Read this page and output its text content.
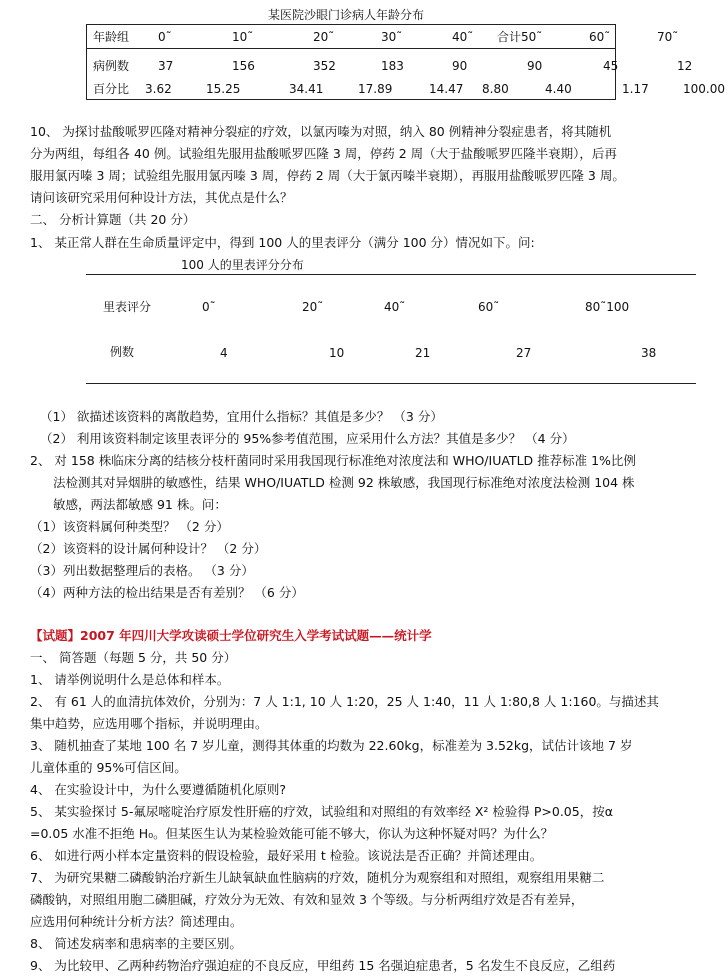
某医院沙眼门诊病人年龄分布
年龄组 0˜	10˜	20˜	30˜	40˜ 合计50˜	60˜	70˜
病例数 37	156	352	183	90	90	45	12
百分比 3.62	15.25	34.41	17.89	14.47 8.80	4.40	1.17	100.00
10、 为探讨盐酸哌罗匹隆对精神分裂症的疗效，以氯丙嗪为对照，纳入 80 例精神分裂症患者，将其随机
分为两组，每组各 40 例。试验组先服用盐酸哌罗匹隆 3 周，停药 2 周（大于盐酸哌罗匹隆半衰期），后再
服用氯丙嗪 3 周；试验组先服用氯丙嗪 3 周，停药 2 周（大于氯丙嗪半衰期），再服用盐酸哌罗匹隆 3 周。
请问该研究采用何种设计方法，其优点是什么？
二、 分析计算题（共 20 分）
1、 某正常人群在生命质量评定中，得到 100 人的里表评分（满分 100 分）情况如下。问:
100 人的里表评分分布
里表评分	0˜	20˜	40˜	60˜	80˜100
例数	4	10	21	27	38
（1） 欲描述该资料的离散趋势，宜用什么指标？其值是多少？ （3 分）
（2） 利用该资料制定该里表评分的 95%参考值范围，应采用什么方法？其值是多少？ （4 分）
2、 对 158 株临床分离的结核分枝杆菌同时采用我国现行标准绝对浓度法和 WHO/IUATLD 推荐标准 1%比例
法检测其对异烟肼的敏感性，结果 WHO/IUATLD 检测 92 株敏感，我国现行标准绝对浓度法检测 104 株
敏感，两法都敏感 91 株。问：
（1）该资料属何种类型？ （2 分）
（2）该资料的设计属何种设计？ （2 分）
（3）列出数据整理后的表格。 （3 分）
（4）两种方法的检出结果是否有差别？ （6 分）
【试题】2007 年四川大学攻读硕士学位研究生入学考试试题——统计学
一、 简答题（每题 5 分，共 50 分）
1、 请举例说明什么是总体和样本。
2、 有 61 人的血清抗体效价，分别为：7 人 1:1, 10 人 1:20，25 人 1:40，11 人 1:80,8 人 1:160。与描述其
集中趋势，应选用哪个指标，并说明理由。
3、 随机抽查了某地 100 名 7 岁儿童，测得其体重的均数为 22.60kg，标准差为 3.52kg，试估计该地 7 岁
儿童体重的 95%可信区间。
4、 在实验设计中，为什么要遵循随机化原则?
5、 某实验探讨 5-氟尿嘧啶治疗原发性肝癌的疗效，试验组和对照组的有效率经 X² 检验得 P>0.05，按α
=0.05 水准不拒绝 H₀。但某医生认为某检验效能可能不够大，你认为这种怀疑对吗？为什么？
6、 如进行两小样本定量资料的假设检验，最好采用 t 检验。该说法是否正确？并简述理由。
7、 为研究果糖二磷酸钠治疗新生儿缺氧缺血性脑病的疗效，随机分为观察组和对照组，观察组用果糖二
磷酸钠，对照组用胞二磷胆碱，疗效分为无效、有效和显效 3 个等级。与分析两组疗效是否有差异，
应选用何种统计分析方法？简述理由。
8、 简述发病率和患病率的主要区别。
9、 为比较甲、乙两种药物治疗强迫症的不良反应，甲组药 15 名强迫症患者，5 名发生不良反应，乙组药
